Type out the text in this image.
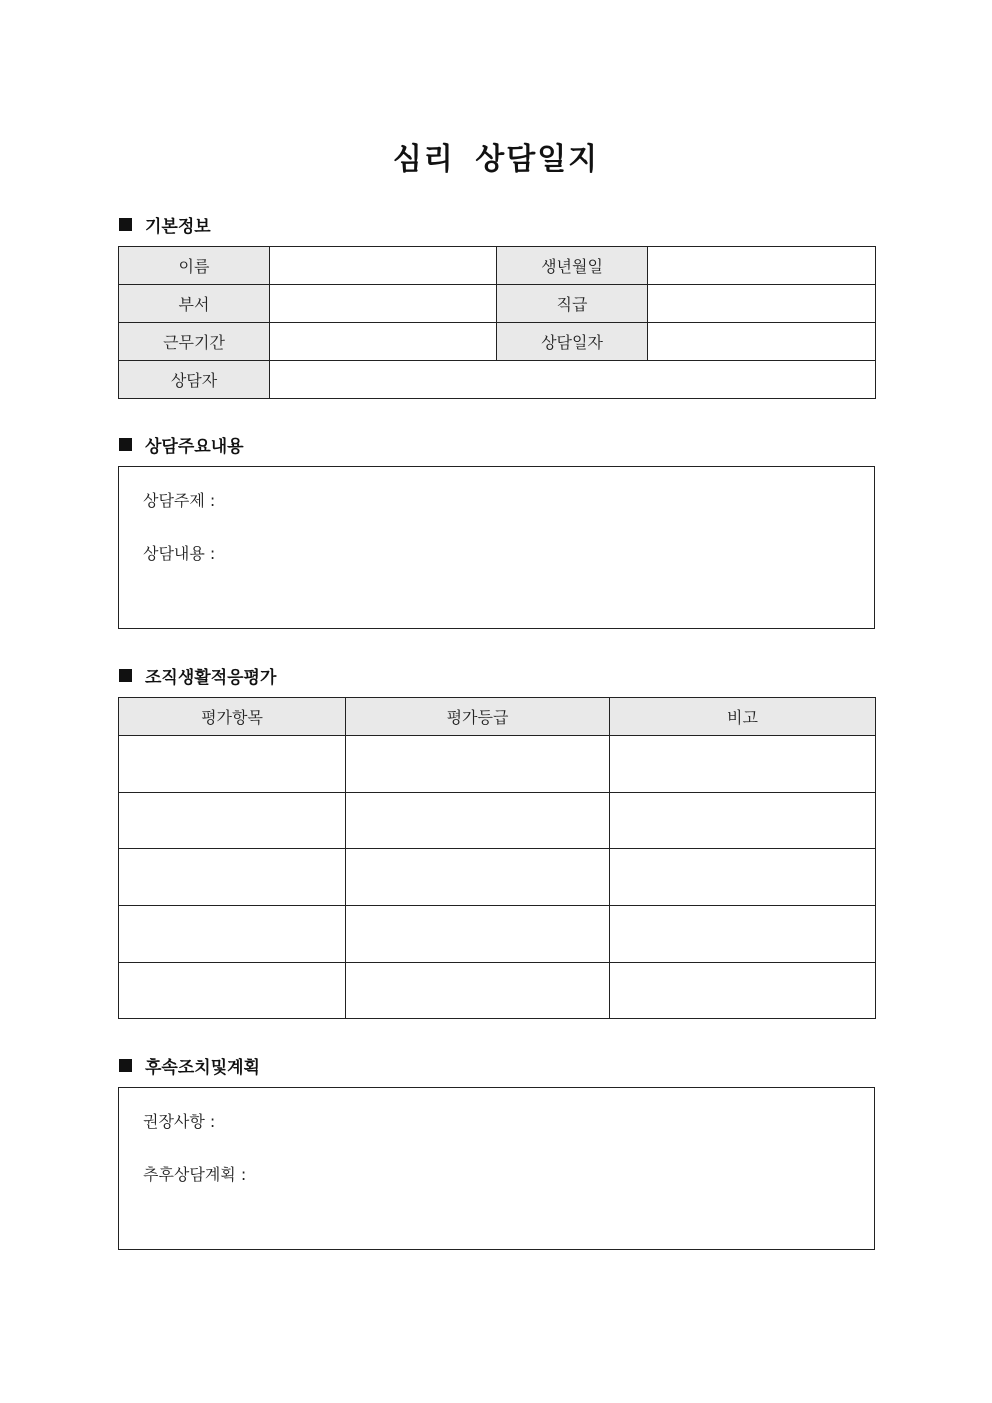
심리 상담일지
기본정보
이름		생년월일	
부서		직급	
근무기간		상담일자	
상담자			
상담주요내용
상담주제 :
상담내용 :
조직생활적응평가
평가항목	평가등급	비고

후속조치및계획
권장사항 :
추후상담계획 :
